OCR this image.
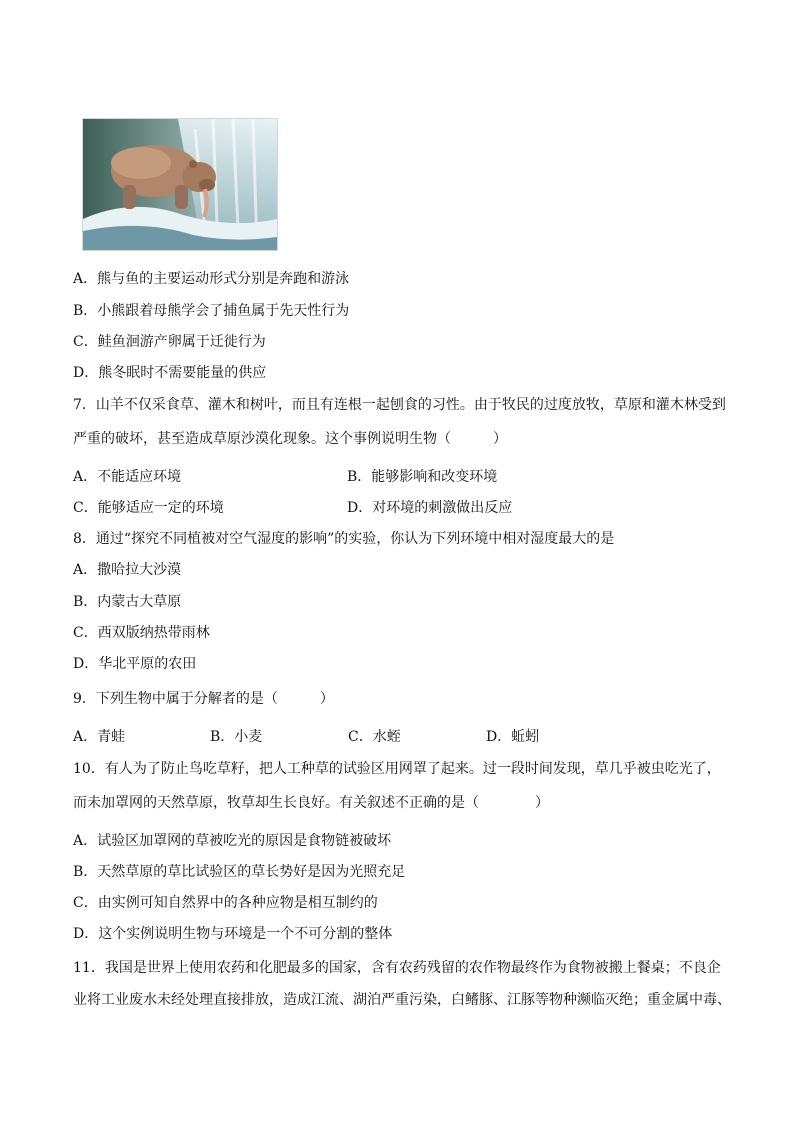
A．熊与鱼的主要运动形式分别是奔跑和游泳
B．小熊跟着母熊学会了捕鱼属于先天性行为
C．鲑鱼洄游产卵属于迁徙行为
D．熊冬眠时不需要能量的供应
7．山羊不仅采食草、灌木和树叶，而且有连根一起刨食的习性。由于牧民的过度放牧，草原和灌木林受到
严重的破坏，甚至造成草原沙漠化现象。这个事例说明生物（　　　）
A．不能适应环境	B．能够影响和改变环境
C．能够适应一定的环境	D．对环境的刺激做出反应
8．通过“探究不同植被对空气湿度的影响”的实验，你认为下列环境中相对湿度最大的是
A．撒哈拉大沙漠
B．内蒙古大草原
C．西双版纳热带雨林
D．华北平原的农田
9．下列生物中属于分解者的是（　　　）
A．青蛙	B．小麦	C．水蛭	D．蚯蚓
10．有人为了防止鸟吃草籽，把人工种草的试验区用网罩了起来。过一段时间发现，草几乎被虫吃光了，
而未加罩网的天然草原，牧草却生长良好。有关叙述不正确的是（　　　　）
A．试验区加罩网的草被吃光的原因是食物链被破坏
B．天然草原的草比试验区的草长势好是因为光照充足
C．由实例可知自然界中的各种应物是相互制约的
D．这个实例说明生物与环境是一个不可分割的整体
11．我国是世界上使用农药和化肥最多的国家，含有农药残留的农作物最终作为食物被搬上餐桌；不良企
业将工业废水未经处理直接排放，造成江流、湖泊严重污染，白鳍豚、江豚等物种濒临灭绝；重金属中毒、
